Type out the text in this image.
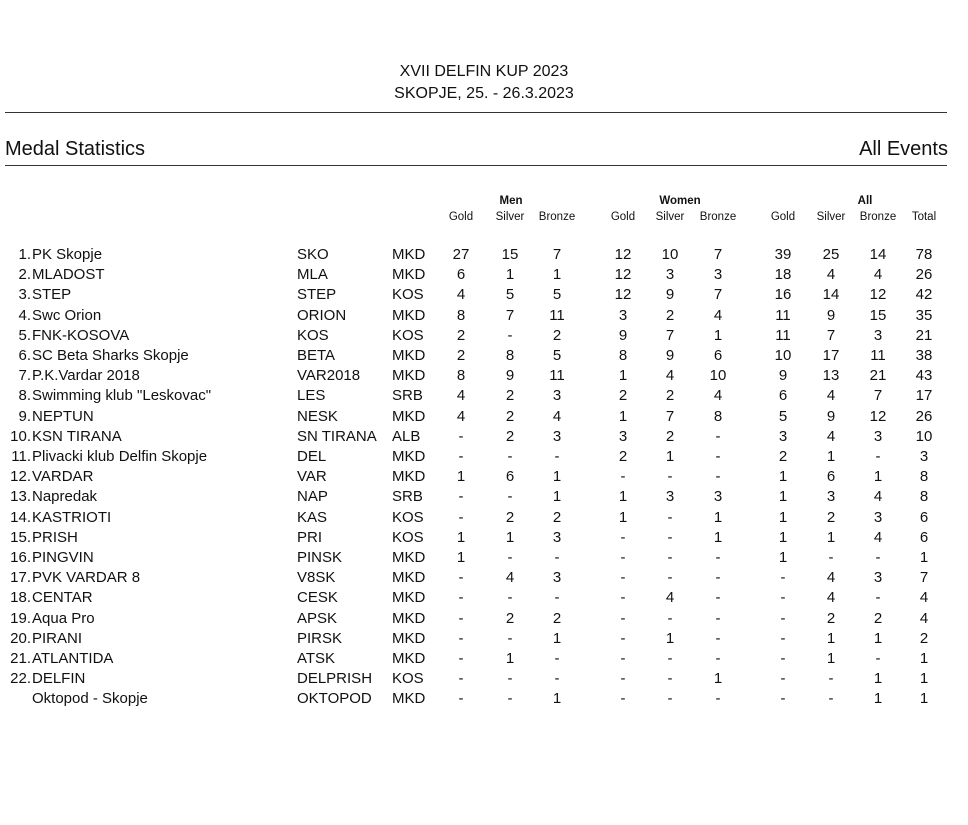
XVII DELFIN KUP 2023
SKOPJE, 25. - 26.3.2023
Medal Statistics	All Events
Men	Women	All
Gold	Silver	Bronze	Gold	Silver	Bronze	Gold	Silver	Bronze	Total
1. PK Skopje	SKO	MKD	27	15	7	12	10	7	39	25	14	78
2. MLADOST	MLA	MKD	6	1	1	12	3	3	18	4	4	26
3. STEP	STEP	KOS	4	5	5	12	9	7	16	14	12	42
4. Swc Orion	ORION	MKD	8	7	11	3	2	4	11	9	15	35
5. FNK-KOSOVA	KOS	KOS	2	-	2	9	7	1	11	7	3	21
6. SC Beta Sharks Skopje	BETA	MKD	2	8	5	8	9	6	10	17	11	38
7. P.K.Vardar 2018	VAR2018 MKD	8	9	11	1	4	10	9	13	21	43
8. Swimming klub "Leskovac"	LES	SRB	4	2	3	2	2	4	6	4	7	17
9. NEPTUN	NESK	MKD	4	2	4	1	7	8	5	9	12	26
10. KSN TIRANA	SN TIRANA ALB	-	2	3	3	2	-	3	4	3	10
11. Plivacki klub Delfin Skopje	DEL	MKD	-	-	-	2	1	-	2	1	-	3
12. VARDAR	VAR	MKD	1	6	1	-	-	-	1	6	1	8
13. Napredak	NAP	SRB	-	-	1	1	3	3	1	3	4	8
14. KASTRIOTI	KAS	KOS	-	2	2	1	-	1	1	2	3	6
15. PRISH	PRI	KOS	1	1	3	-	-	1	1	1	4	6
16. PINGVIN	PINSK	MKD	1	-	-	-	-	-	1	-	-	1
17. PVK VARDAR 8	V8SK	MKD	-	4	3	-	-	-	-	4	3	7
18. CENTAR	CESK	MKD	-	-	-	-	4	-	-	4	-	4
19. Aqua Pro	APSK	MKD	-	2	2	-	-	-	-	2	2	4
20. PIRANI	PIRSK	MKD	-	-	1	-	1	-	-	1	1	2
21. ATLANTIDA	ATSK	MKD	-	1	-	-	-	-	-	1	-	1
22. DELFIN	DELPRISH KOS	-	-	-	-	-	1	-	-	1	1
Oktopod - Skopje	OKTOPOD MKD	-	-	1	-	-	-	-	-	1	1
